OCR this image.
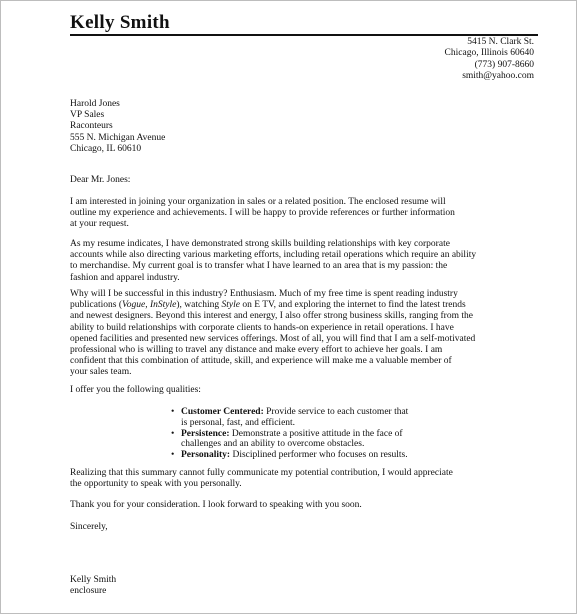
Kelly Smith
5415 N. Clark St.
Chicago, Illinois 60640
(773) 907-8660
smith@yahoo.com
Harold Jones
VP Sales
Raconteurs
555 N. Michigan Avenue
Chicago, IL 60610
Dear Mr. Jones:
I am interested in joining your organization in sales or a related position. The enclosed resume will
outline my experience and achievements. I will be happy to provide references or further information
at your request.
As my resume indicates, I have demonstrated strong skills building relationships with key corporate
accounts while also directing various marketing efforts, including retail operations which require an ability
to merchandise. My current goal is to transfer what I have learned to an area that is my passion: the
fashion and apparel industry.
Why will I be successful in this industry? Enthusiasm. Much of my free time is spent reading industry
publications (Vogue, InStyle), watching Style on E TV, and exploring the internet to find the latest trends
and newest designers. Beyond this interest and energy, I also offer strong business skills, ranging from the
ability to build relationships with corporate clients to hands-on experience in retail operations. I have
opened facilities and presented new services offerings. Most of all, you will find that I am a self-motivated
professional who is willing to travel any distance and make every effort to achieve her goals. I am
confident that this combination of attitude, skill, and experience will make me a valuable member of
your sales team.
I offer you the following qualities:
• Customer Centered: Provide service to each customer that
is personal, fast, and efficient.
• Persistence: Demonstrate a positive attitude in the face of
challenges and an ability to overcome obstacles.
• Personality: Disciplined performer who focuses on results.
Realizing that this summary cannot fully communicate my potential contribution, I would appreciate
the opportunity to speak with you personally.
Thank you for your consideration. I look forward to speaking with you soon.
Sincerely,
Kelly Smith
enclosure
